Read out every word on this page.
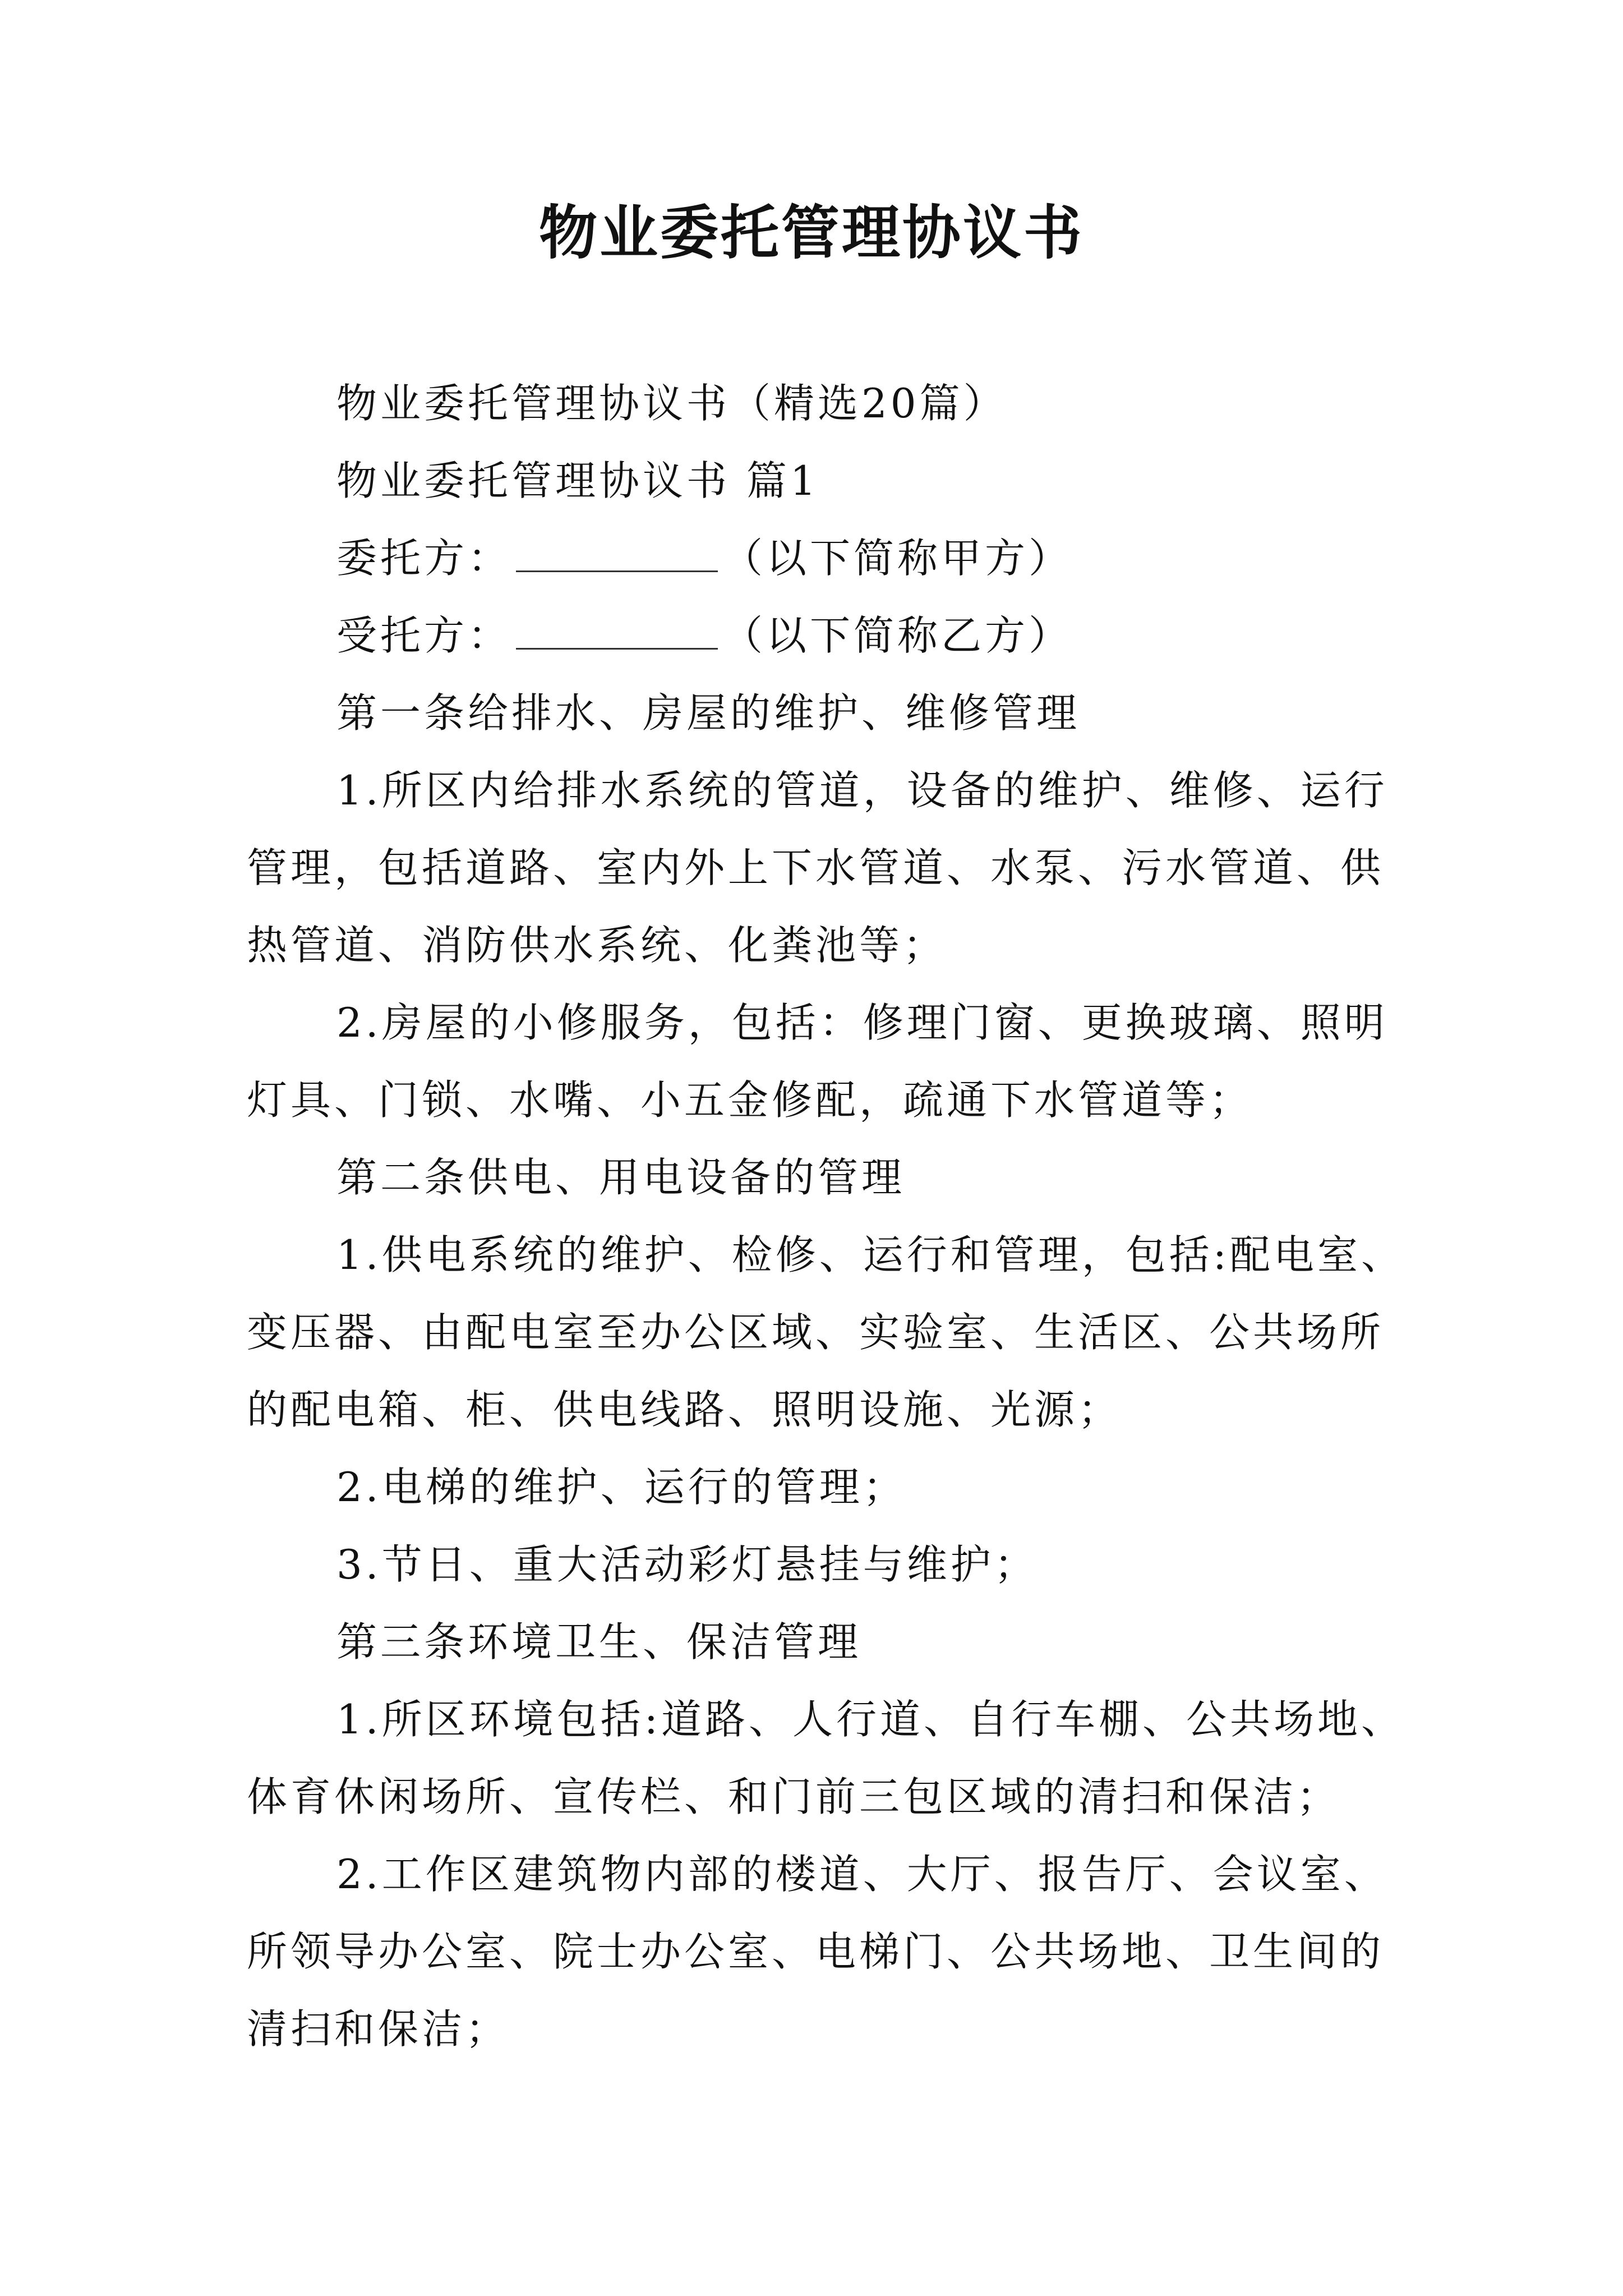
物业委托管理协议书

物业委托管理协议书（精选20篇）

物业委托管理协议书 篇1

委托方：	（以下简称甲方）

受托方：	（以下简称乙方）

第一条给排水、房屋的维护、维修管理

1.所区内给排水系统的管道，设备的维护、维修、运行

管理，包括道路、室内外上下水管道、水泵、污水管道、供

热管道、消防供水系统、化粪池等；

2.房屋的小修服务，包括：修理门窗、更换玻璃、照明

灯具、门锁、水嘴、小五金修配，疏通下水管道等；

第二条供电、用电设备的管理

1.供电系统的维护、检修、运行和管理，包括:配电室、

变压器、由配电室至办公区域、实验室、生活区、公共场所

的配电箱、柜、供电线路、照明设施、光源；

2.电梯的维护、运行的管理；

3.节日、重大活动彩灯悬挂与维护；

第三条环境卫生、保洁管理

1.所区环境包括:道路、人行道、自行车棚、公共场地、

体育休闲场所、宣传栏、和门前三包区域的清扫和保洁；

2.工作区建筑物内部的楼道、大厅、报告厅、会议室、

所领导办公室、院士办公室、电梯门、公共场地、卫生间的

清扫和保洁；
